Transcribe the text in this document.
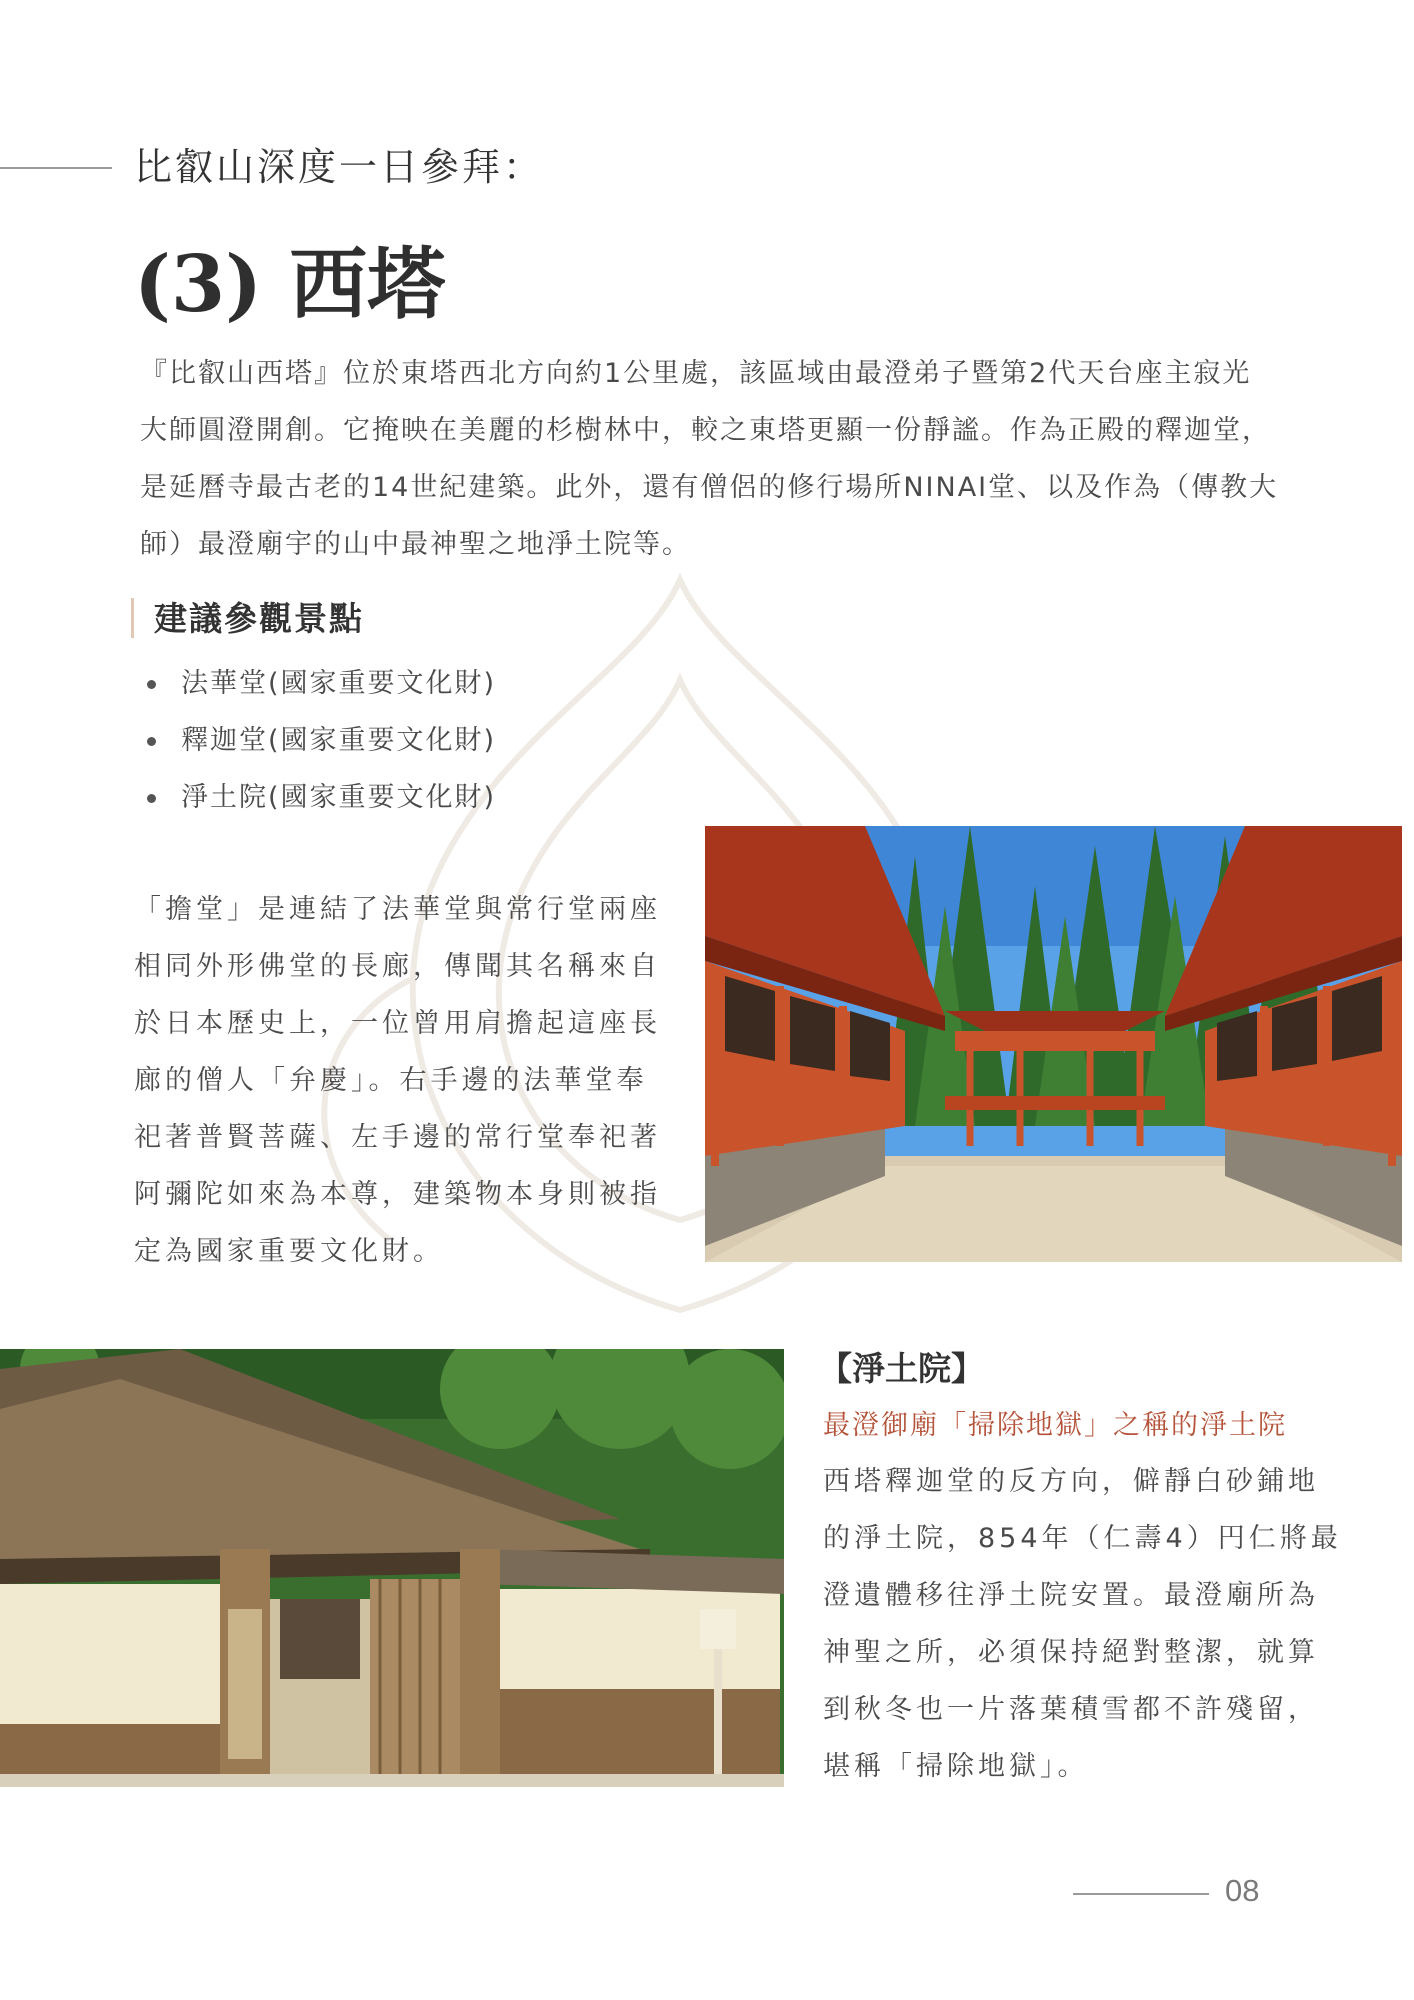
比叡山深度一日參拜：
(3) 西塔

『比叡山西塔』位於東塔西北方向約1公里處，該區域由最澄弟子暨第2代天台座主寂光大師圓澄開創。它掩映在美麗的杉樹林中，較之東塔更顯一份靜謐。作為正殿的釋迦堂，是延曆寺最古老的14世紀建築。此外，還有僧侶的修行場所NINAI堂、以及作為（傳教大師）最澄廟宇的山中最神聖之地淨土院等。

建議參觀景點
法華堂(國家重要文化財)
釋迦堂(國家重要文化財)
淨土院(國家重要文化財)

「擔堂」是連結了法華堂與常行堂兩座相同外形佛堂的長廊，傳聞其名稱來自於日本歷史上，一位曾用肩擔起這座長廊的僧人「弁慶」。右手邊的法華堂奉祀著普賢菩薩、左手邊的常行堂奉祀著阿彌陀如來為本尊，建築物本身則被指定為國家重要文化財。

【淨土院】
最澄御廟「掃除地獄」之稱的淨土院

西塔釋迦堂的反方向，僻靜白砂鋪地的淨土院，854年（仁壽4）円仁將最澄遺體移往淨土院安置。最澄廟所為神聖之所，必須保持絕對整潔，就算到秋冬也一片落葉積雪都不許殘留，堪稱「掃除地獄」。

08
